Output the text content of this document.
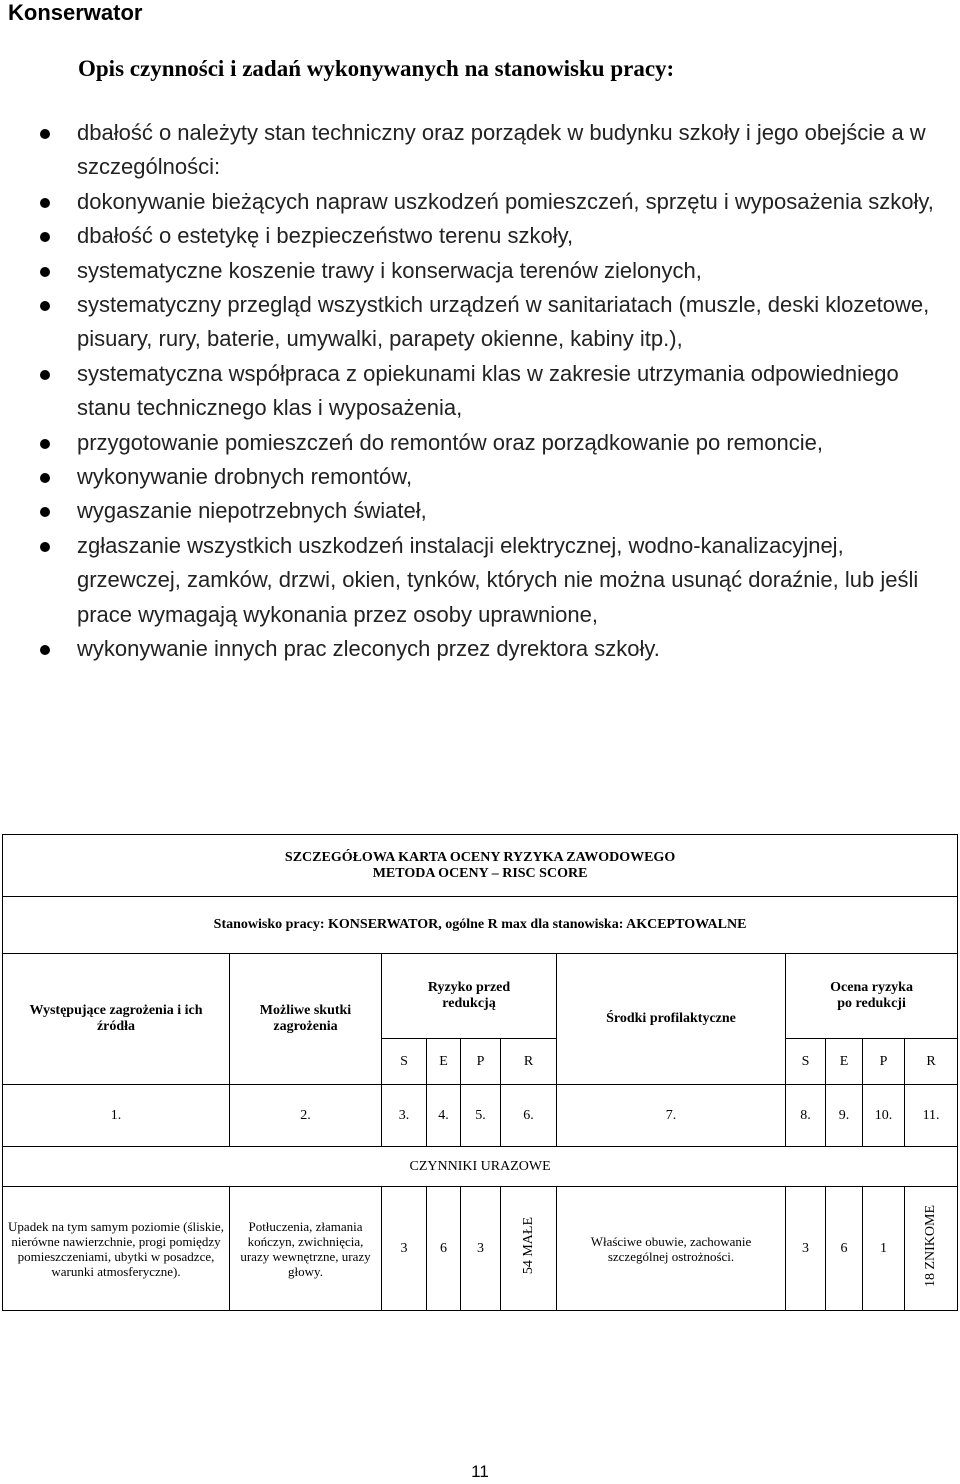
Konserwator
Opis czynności i zadań wykonywanych na stanowisku pracy:
dbałość o należyty stan techniczny oraz porządek w budynku szkoły i jego obejście a w szczególności:
dokonywanie bieżących napraw uszkodzeń pomieszczeń, sprzętu i wyposażenia szkoły,
dbałość o estetykę i bezpieczeństwo terenu szkoły,
systematyczne koszenie trawy i konserwacja terenów zielonych,
systematyczny przegląd wszystkich urządzeń w sanitariatach (muszle, deski klozetowe, pisuary, rury, baterie, umywalki, parapety okienne, kabiny itp.),
systematyczna współpraca z opiekunami klas w zakresie utrzymania odpowiedniego stanu technicznego klas i wyposażenia,
przygotowanie pomieszczeń do remontów oraz porządkowanie po remoncie,
wykonywanie drobnych remontów,
wygaszanie niepotrzebnych świateł,
zgłaszanie wszystkich uszkodzeń instalacji elektrycznej, wodno-kanalizacyjnej, grzewczej, zamków, drzwi, okien, tynków, których nie można usunąć doraźnie, lub jeśli prace wymagają wykonania przez osoby uprawnione,
wykonywanie innych prac zleconych przez dyrektora szkoły.
SZCZEGÓŁOWA KARTA OCENY RYZYKA ZAWODOWEGO
METODA OCENY – RISC SCORE										

Stanowisko pracy: KONSERWATOR, ogólne R max dla stanowiska: AKCEPTOWALNE										

Występujące zagrożenia i ich źródła	Możliwe skutki zagrożenia	Ryzyko przed redukcją				Środki profilaktyczne	Ocena ryzyka po redukcji			

		S	E	P	R		S	E	P	R
1.	2.	3.	4.	5.	6.	7.	8.	9.	10.	11.
CZYNNIKI URAZOWE										

Upadek na tym samym poziomie (śliskie, nierówne nawierzchnie, progi pomiędzy pomieszczeniami, ubytki w posadzce, warunki atmosferyczne).	Potłuczenia, złamania kończyn, zwichnięcia, urazy wewnętrzne, urazy głowy.	3	6	3	54 MAŁE	Właściwe obuwie, zachowanie szczególnej ostrożności.	3	6	1	18 ZNIKOME
11
